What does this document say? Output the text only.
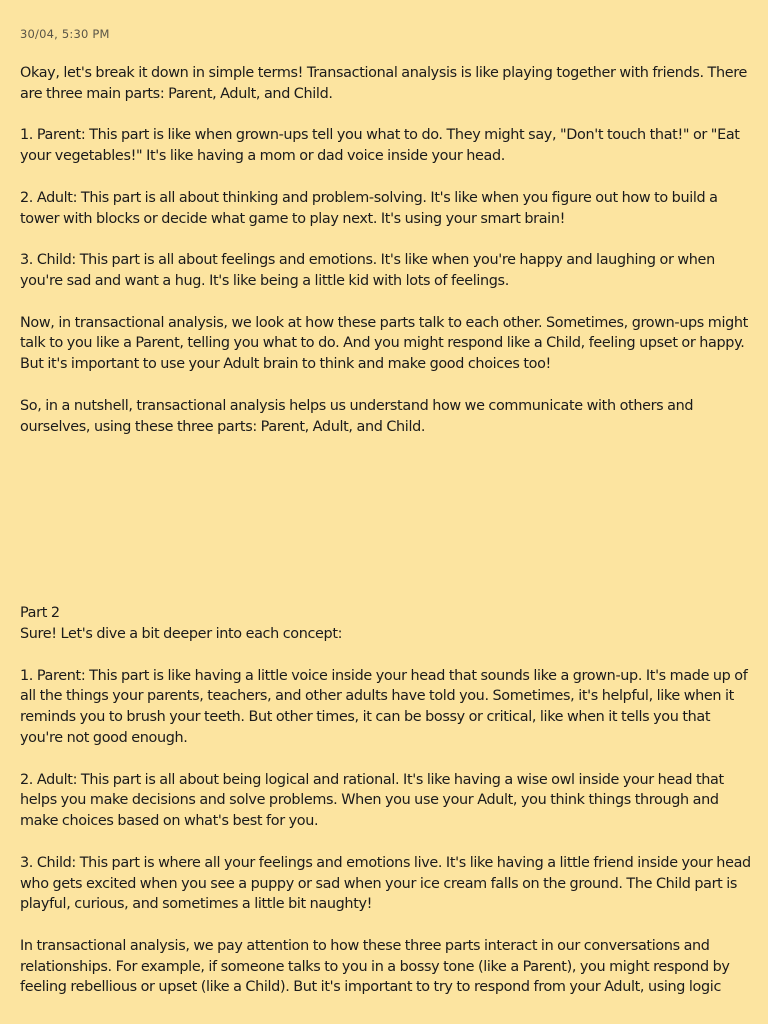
30/04, 5:30 PM
Okay, let's break it down in simple terms! Transactional analysis is like playing together with friends. There are three main parts: Parent, Adult, and Child.
1. Parent: This part is like when grown-ups tell you what to do. They might say, "Don't touch that!" or "Eat your vegetables!" It's like having a mom or dad voice inside your head.
2. Adult: This part is all about thinking and problem-solving. It's like when you figure out how to build a tower with blocks or decide what game to play next. It's using your smart brain!
3. Child: This part is all about feelings and emotions. It's like when you're happy and laughing or when you're sad and want a hug. It's like being a little kid with lots of feelings.
Now, in transactional analysis, we look at how these parts talk to each other. Sometimes, grown-ups might talk to you like a Parent, telling you what to do. And you might respond like a Child, feeling upset or happy. But it's important to use your Adult brain to think and make good choices too!
So, in a nutshell, transactional analysis helps us understand how we communicate with others and ourselves, using these three parts: Parent, Adult, and Child.
Part 2
Sure! Let's dive a bit deeper into each concept:
1. Parent: This part is like having a little voice inside your head that sounds like a grown-up. It's made up of all the things your parents, teachers, and other adults have told you. Sometimes, it's helpful, like when it reminds you to brush your teeth. But other times, it can be bossy or critical, like when it tells you that you're not good enough.
2. Adult: This part is all about being logical and rational. It's like having a wise owl inside your head that helps you make decisions and solve problems. When you use your Adult, you think things through and make choices based on what's best for you.
3. Child: This part is where all your feelings and emotions live. It's like having a little friend inside your head who gets excited when you see a puppy or sad when your ice cream falls on the ground. The Child part is playful, curious, and sometimes a little bit naughty!
In transactional analysis, we pay attention to how these three parts interact in our conversations and relationships. For example, if someone talks to you in a bossy tone (like a Parent), you might respond by feeling rebellious or upset (like a Child). But it's important to try to respond from your Adult, using logic
